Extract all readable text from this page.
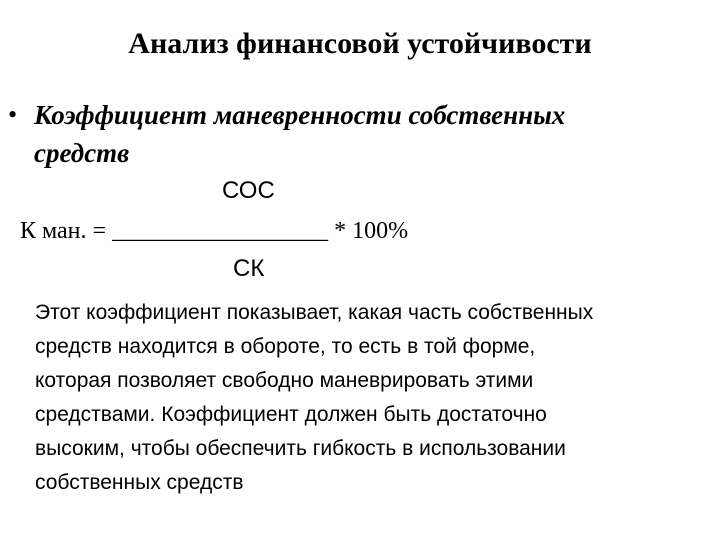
Анализ финансовой устойчивости
• Коэффициент маневренности собственных
средств
СОС
К ман. = __________________ * 100%
СК
Этот коэффициент показывает, какая часть собственных
средств находится в обороте, то есть в той форме,
которая позволяет свободно маневрировать этими
средствами. Коэффициент должен быть достаточно
высоким, чтобы обеспечить гибкость в использовании
собственных средств
